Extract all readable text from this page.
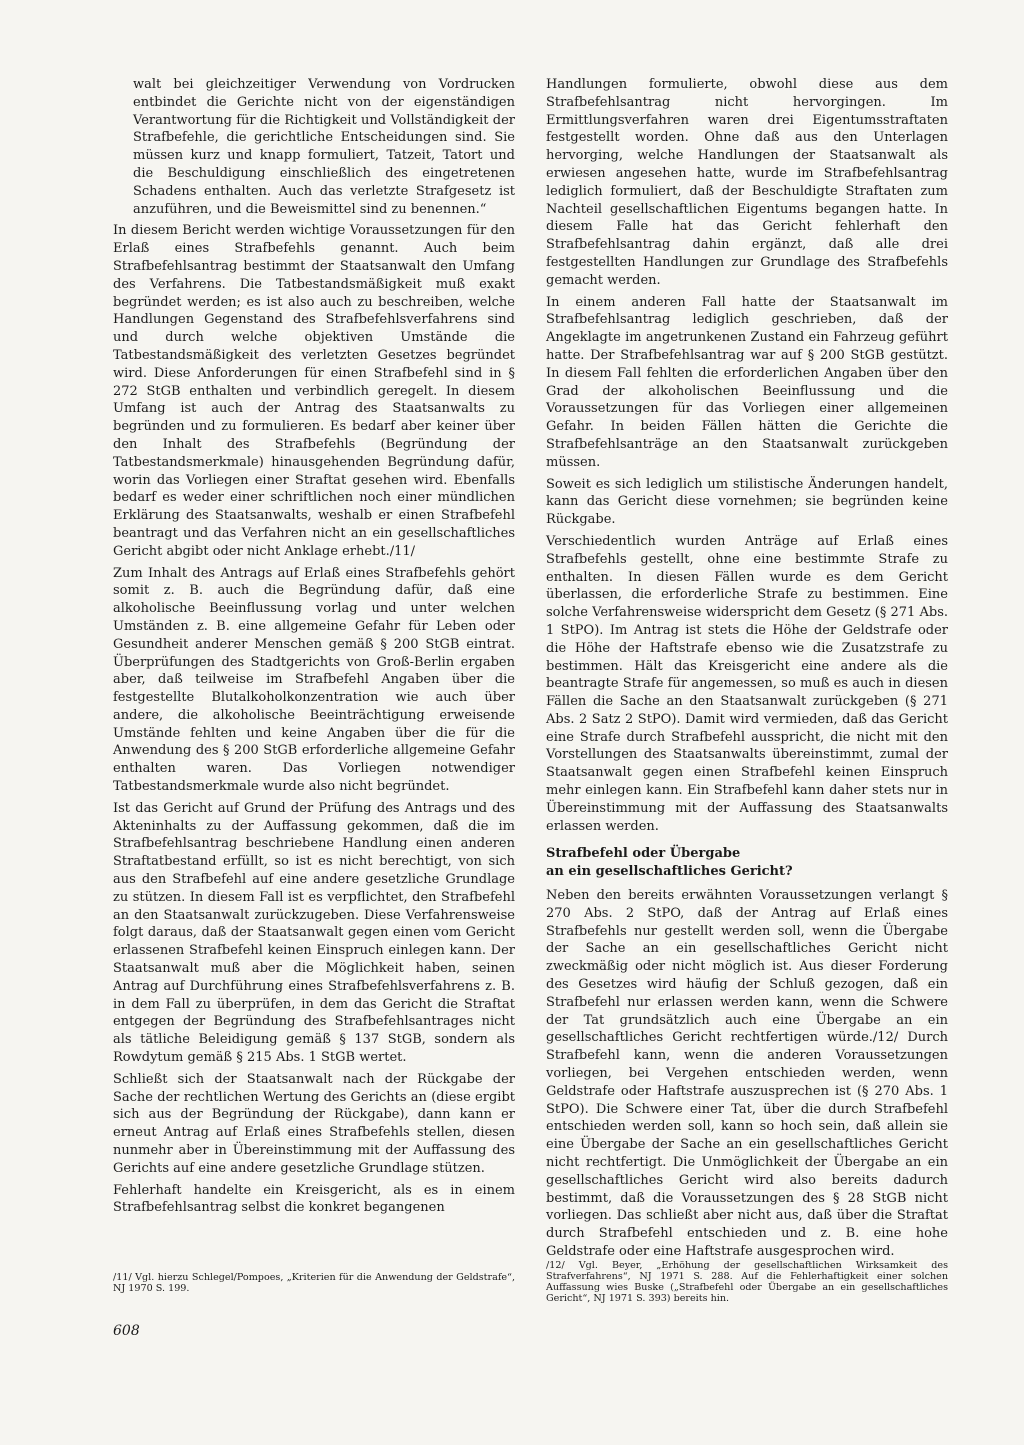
walt bei gleichzeitiger Verwendung von Vordrucken entbindet die Gerichte nicht von der eigenständigen Verantwortung für die Richtigkeit und Vollständigkeit der Strafbefehle, die gerichtliche Entscheidungen sind. Sie müssen kurz und knapp formuliert, Tatzeit, Tatort und die Beschuldigung einschließlich des eingetretenen Schadens enthalten. Auch das verletzte Strafgesetz ist anzuführen, und die Beweismittel sind zu benennen.“

In diesem Bericht werden wichtige Voraussetzungen für den Erlaß eines Strafbefehls genannt. Auch beim Strafbefehlsantrag bestimmt der Staatsanwalt den Umfang des Verfahrens. Die Tatbestandsmäßigkeit muß exakt begründet werden; es ist also auch zu beschreiben, welche Handlungen Gegenstand des Strafbefehlsverfahrens sind und durch welche objektiven Umstände die Tatbestandsmäßigkeit des verletzten Gesetzes begründet wird. Diese Anforderungen für einen Strafbefehl sind in § 272 StGB enthalten und verbindlich geregelt. In diesem Umfang ist auch der Antrag des Staatsanwalts zu begründen und zu formulieren. Es bedarf aber keiner über den Inhalt des Strafbefehls (Begründung der Tatbestandsmerkmale) hinausgehenden Begründung dafür, worin das Vorliegen einer Straftat gesehen wird. Ebenfalls bedarf es weder einer schriftlichen noch einer mündlichen Erklärung des Staatsanwalts, weshalb er einen Strafbefehl beantragt und das Verfahren nicht an ein gesellschaftliches Gericht abgibt oder nicht Anklage erhebt./11/

Zum Inhalt des Antrags auf Erlaß eines Strafbefehls gehört somit z. B. auch die Begründung dafür, daß eine alkoholische Beeinflussung vorlag und unter welchen Umständen z. B. eine allgemeine Gefahr für Leben oder Gesundheit anderer Menschen gemäß § 200 StGB eintrat. Überprüfungen des Stadtgerichts von Groß-Berlin ergaben aber, daß teilweise im Strafbefehl Angaben über die festgestellte Blutalkoholkonzentration wie auch über andere, die alkoholische Beeinträchtigung erweisende Umstände fehlten und keine Angaben über die für die Anwendung des § 200 StGB erforderliche allgemeine Gefahr enthalten waren. Das Vorliegen notwendiger Tatbestandsmerkmale wurde also nicht begründet.

Ist das Gericht auf Grund der Prüfung des Antrags und des Akteninhalts zu der Auffassung gekommen, daß die im Strafbefehlsantrag beschriebene Handlung einen anderen Straftatbestand erfüllt, so ist es nicht berechtigt, von sich aus den Strafbefehl auf eine andere gesetzliche Grundlage zu stützen. In diesem Fall ist es verpflichtet, den Strafbefehl an den Staatsanwalt zurückzugeben. Diese Verfahrensweise folgt daraus, daß der Staatsanwalt gegen einen vom Gericht erlassenen Strafbefehl keinen Einspruch einlegen kann. Der Staatsanwalt muß aber die Möglichkeit haben, seinen Antrag auf Durchführung eines Strafbefehlsverfahrens z. B. in dem Fall zu überprüfen, in dem das Gericht die Straftat entgegen der Begründung des Strafbefehlsantrages nicht als tätliche Beleidigung gemäß § 137 StGB, sondern als Rowdytum gemäß § 215 Abs. 1 StGB wertet.

Schließt sich der Staatsanwalt nach der Rückgabe der Sache der rechtlichen Wertung des Gerichts an (diese ergibt sich aus der Begründung der Rückgabe), dann kann er erneut Antrag auf Erlaß eines Strafbefehls stellen, diesen nunmehr aber in Übereinstimmung mit der Auffassung des Gerichts auf eine andere gesetzliche Grundlage stützen.

Fehlerhaft handelte ein Kreisgericht, als es in einem Strafbefehlsantrag selbst die konkret begangenen

Handlungen formulierte, obwohl diese aus dem Strafbefehlsantrag nicht hervorgingen. Im Ermittlungsverfahren waren drei Eigentumsstraftaten festgestellt worden. Ohne daß aus den Unterlagen hervorging, welche Handlungen der Staatsanwalt als erwiesen angesehen hatte, wurde im Strafbefehlsantrag lediglich formuliert, daß der Beschuldigte Straftaten zum Nachteil gesellschaftlichen Eigentums begangen hatte. In diesem Falle hat das Gericht fehlerhaft den Strafbefehlsantrag dahin ergänzt, daß alle drei festgestellten Handlungen zur Grundlage des Strafbefehls gemacht werden.

In einem anderen Fall hatte der Staatsanwalt im Strafbefehlsantrag lediglich geschrieben, daß der Angeklagte im angetrunkenen Zustand ein Fahrzeug geführt hatte. Der Strafbefehlsantrag war auf § 200 StGB gestützt. In diesem Fall fehlten die erforderlichen Angaben über den Grad der alkoholischen Beeinflussung und die Voraussetzungen für das Vorliegen einer allgemeinen Gefahr. In beiden Fällen hätten die Gerichte die Strafbefehlsanträge an den Staatsanwalt zurückgeben müssen.

Soweit es sich lediglich um stilistische Änderungen handelt, kann das Gericht diese vornehmen; sie begründen keine Rückgabe.

Verschiedentlich wurden Anträge auf Erlaß eines Strafbefehls gestellt, ohne eine bestimmte Strafe zu enthalten. In diesen Fällen wurde es dem Gericht überlassen, die erforderliche Strafe zu bestimmen. Eine solche Verfahrensweise widerspricht dem Gesetz (§ 271 Abs. 1 StPO). Im Antrag ist stets die Höhe der Geldstrafe oder die Höhe der Haftstrafe ebenso wie die Zusatzstrafe zu bestimmen. Hält das Kreisgericht eine andere als die beantragte Strafe für angemessen, so muß es auch in diesen Fällen die Sache an den Staatsanwalt zurückgeben (§ 271 Abs. 2 Satz 2 StPO). Damit wird vermieden, daß das Gericht eine Strafe durch Strafbefehl ausspricht, die nicht mit den Vorstellungen des Staatsanwalts übereinstimmt, zumal der Staatsanwalt gegen einen Strafbefehl keinen Einspruch mehr einlegen kann. Ein Strafbefehl kann daher stets nur in Übereinstimmung mit der Auffassung des Staatsanwalts erlassen werden.

Strafbefehl oder Übergabe
an ein gesellschaftliches Gericht?

Neben den bereits erwähnten Voraussetzungen verlangt § 270 Abs. 2 StPO, daß der Antrag auf Erlaß eines Strafbefehls nur gestellt werden soll, wenn die Übergabe der Sache an ein gesellschaftliches Gericht nicht zweckmäßig oder nicht möglich ist. Aus dieser Forderung des Gesetzes wird häufig der Schluß gezogen, daß ein Strafbefehl nur erlassen werden kann, wenn die Schwere der Tat grundsätzlich auch eine Übergabe an ein gesellschaftliches Gericht rechtfertigen würde./12/ Durch Strafbefehl kann, wenn die anderen Voraussetzungen vorliegen, bei Vergehen entschieden werden, wenn Geldstrafe oder Haftstrafe auszusprechen ist (§ 270 Abs. 1 StPO). Die Schwere einer Tat, über die durch Strafbefehl entschieden werden soll, kann so hoch sein, daß allein sie eine Übergabe der Sache an ein gesellschaftliches Gericht nicht rechtfertigt. Die Unmöglichkeit der Übergabe an ein gesellschaftliches Gericht wird also bereits dadurch bestimmt, daß die Voraussetzungen des § 28 StGB nicht vorliegen. Das schließt aber nicht aus, daß über die Straftat durch Strafbefehl entschieden und z. B. eine hohe Geldstrafe oder eine Haftstrafe ausgesprochen wird.

/11/ Vgl. hierzu Schlegel/Pompoes, „Kriterien für die Anwendung der Geldstrafe“, NJ 1970 S. 199.

/12/ Vgl. Beyer, „Erhöhung der gesellschaftlichen Wirksamkeit des Strafverfahrens“, NJ 1971 S. 288. Auf die Fehlerhaftigkeit einer solchen Auffassung wies Buske („Strafbefehl oder Übergabe an ein gesellschaftliches Gericht“, NJ 1971 S. 393) bereits hin.

608
